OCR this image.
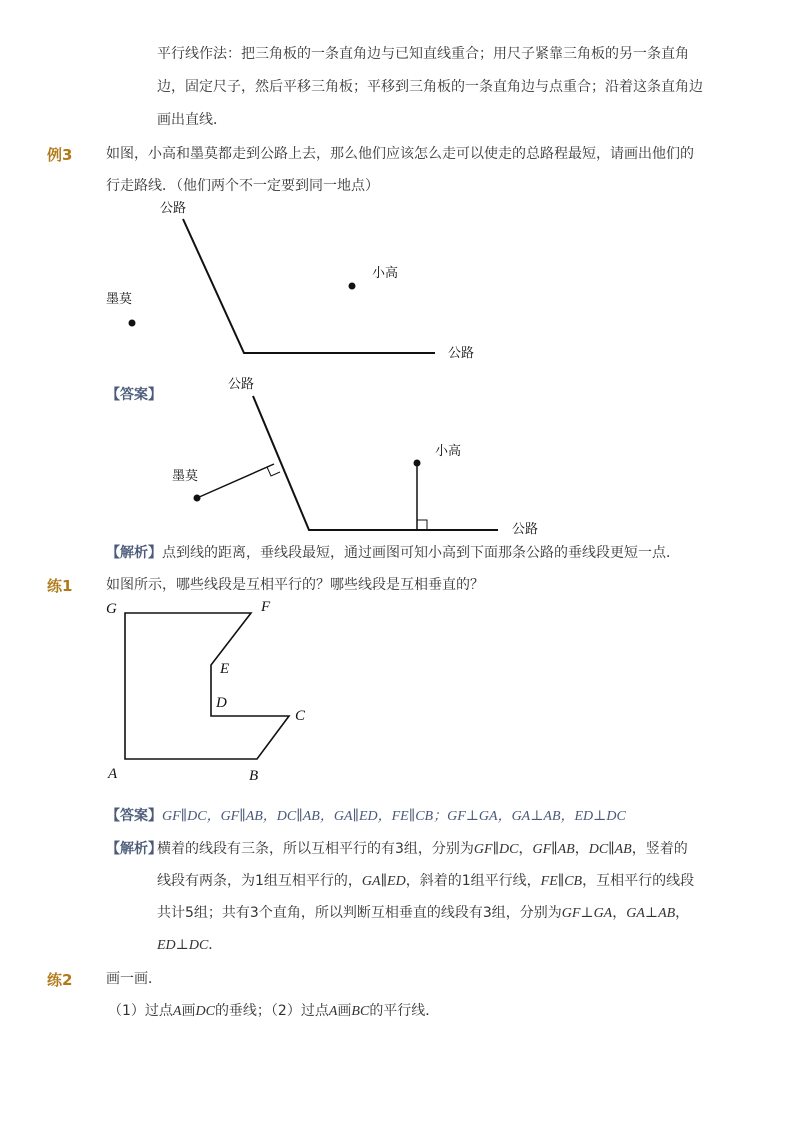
平行线作法：把三角板的一条直角边与已知直线重合；用尺子紧靠三角板的另一条直角
边，固定尺子，然后平移三角板；平移到三角板的一条直角边与点重合；沿着这条直角边
画出直线．
例3 如图，小高和墨莫都走到公路上去，那么他们应该怎么走可以使走的总路程最短，请画出他们的
行走路线．（他们两个不一定要到同一地点）
公路
公路
小高
墨莫
【答案】
公路
公路
小高
墨莫
【解析】点到线的距离，垂线段最短，通过画图可知小高到下面那条公路的垂线段更短一点．
练1 如图所示，哪些线段是互相平行的？哪些线段是互相垂直的？
G	F
E
D
C
A	B
【答案】GF∥DC，GF∥AB，DC∥AB，GA∥ED，FE∥CB；GF⊥GA，GA⊥AB，ED⊥DC
【解析】
横着的线段有三条，所以互相平行的有3组，分别为GF∥DC，GF∥AB，DC∥AB，竖着的
线段有两条，为1组互相平行的，GA∥ED，斜着的1组平行线，FE∥CB，互相平行的线段
共计5组；共有3个直角，所以判断互相垂直的线段有3组，分别为GF⊥GA，GA⊥AB，
ED⊥DC．
练2 画一画．
（1）过点A画DC的垂线；（2）过点A画BC的平行线．
